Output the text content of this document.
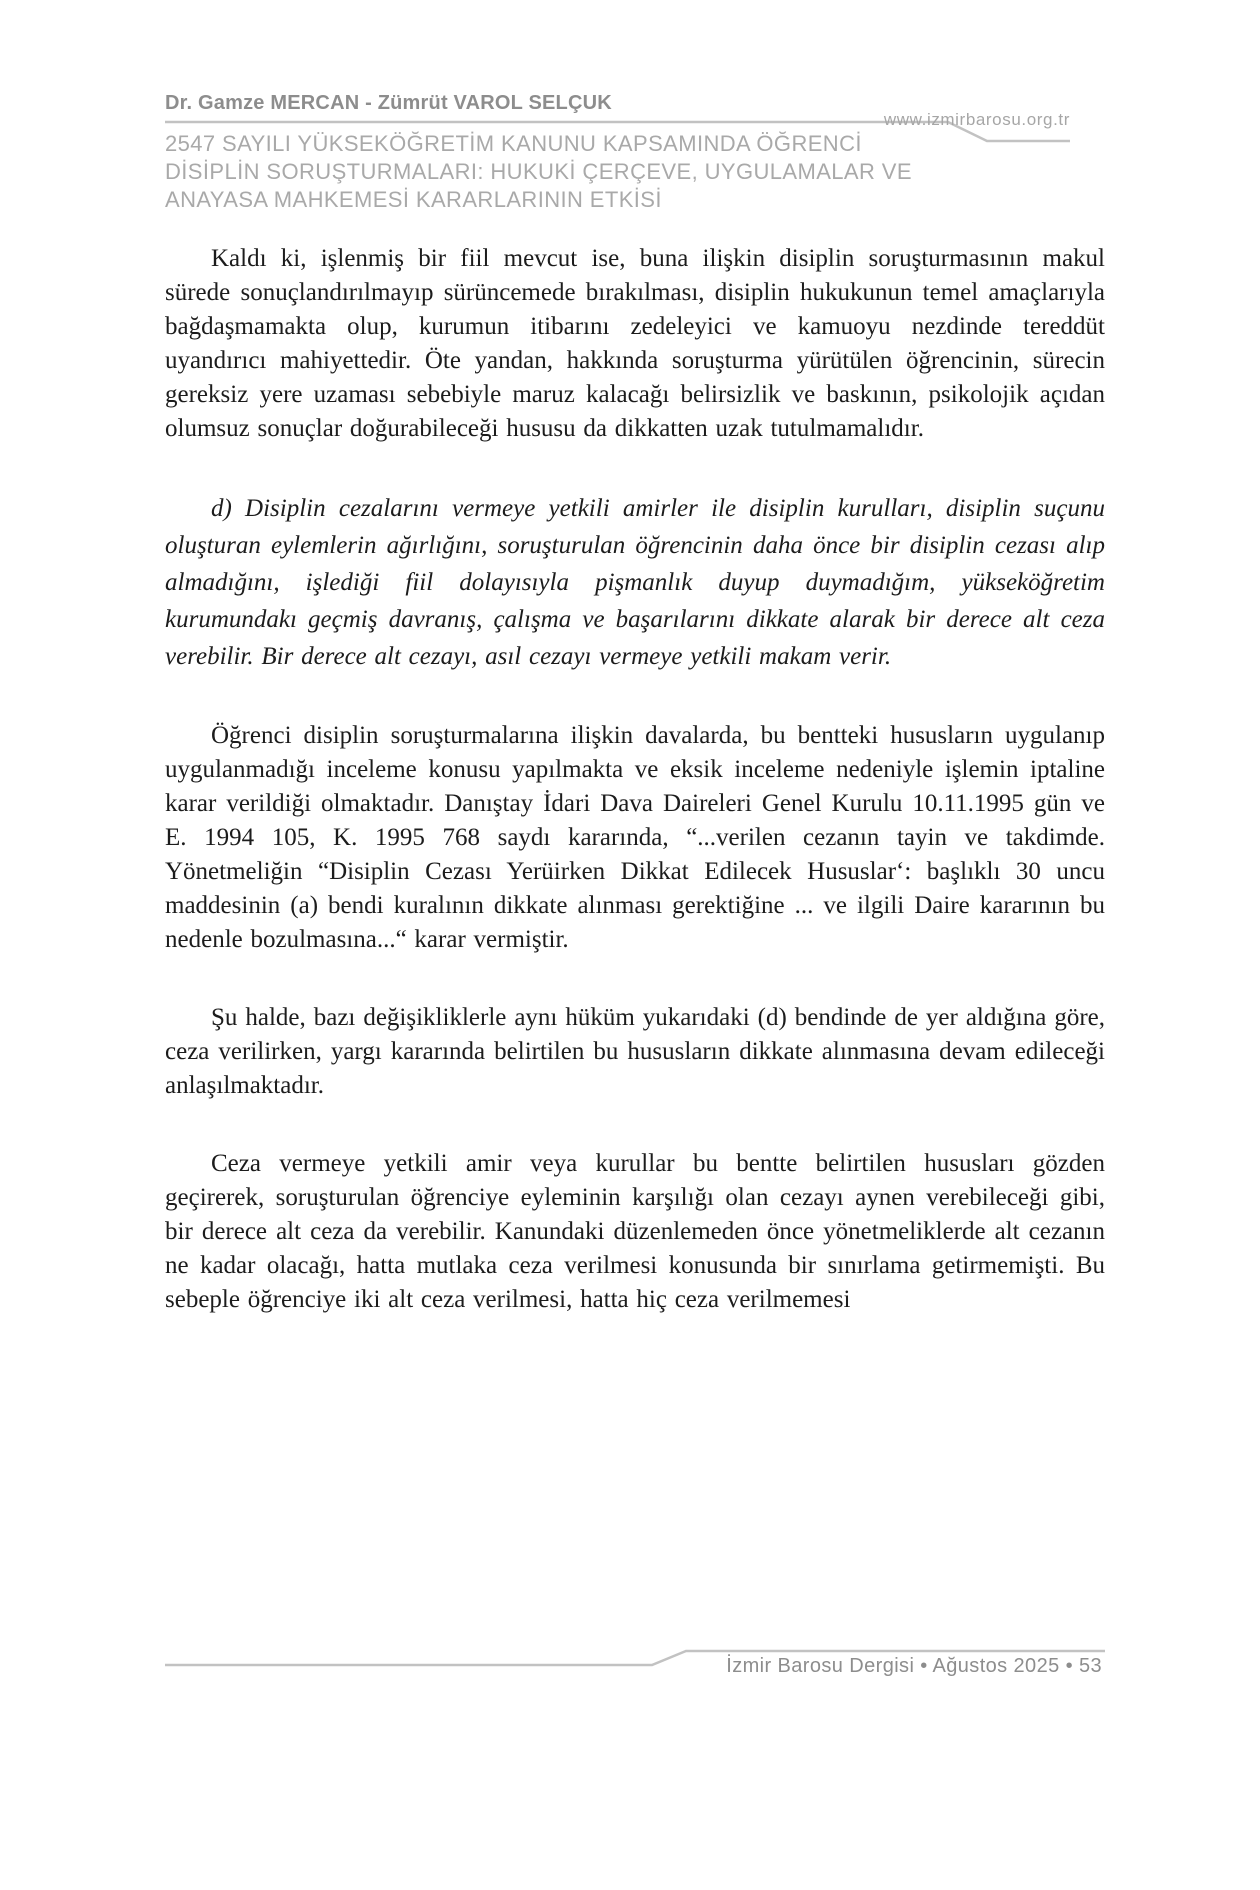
Dr. Gamze MERCAN - Zümrüt VAROL SELÇUK
www.izmirbarosu.org.tr
2547 SAYILI YÜKSEKÖĞRETİM KANUNU KAPSAMINDA ÖĞRENCİ
DİSİPLİN SORUŞTURMALARI: HUKUKİ ÇERÇEVE, UYGULAMALAR VE
ANAYASA MAHKEMESİ KARARLARININ ETKİSİ

Kaldı ki, işlenmiş bir fiil mevcut ise, buna ilişkin disiplin soruşturmasının makul sürede sonuçlandırılmayıp sürüncemede bırakılması, disiplin hukukunun temel amaçlarıyla bağdaşmamakta olup, kurumun itibarını zedeleyici ve kamuoyu nezdinde tereddüt uyandırıcı mahiyettedir. Öte yandan, hakkında soruşturma yürütülen öğrencinin, sürecin gereksiz yere uzaması sebebiyle maruz kalacağı belirsizlik ve baskının, psikolojik açıdan olumsuz sonuçlar doğurabileceği hususu da dikkatten uzak tutulmamalıdır.

d) Disiplin cezalarını vermeye yetkili amirler ile disiplin kurulları, disiplin suçunu oluşturan eylemlerin ağırlığını, soruşturulan öğrencinin daha önce bir disiplin cezası alıp almadığını, işlediği fiil dolayısıyla pişmanlık duyup duymadığım, yükseköğretim kurumundakı geçmiş davranış, çalışma ve başarılarını dikkate alarak bir derece alt ceza verebilir. Bir derece alt cezayı, asıl cezayı vermeye yetkili makam verir.

Öğrenci disiplin soruşturmalarına ilişkin davalarda, bu bentteki hususların uygulanıp uygulanmadığı inceleme konusu yapılmakta ve eksik inceleme nedeniyle işlemin iptaline karar verildiği olmaktadır. Danıştay İdari Dava Daireleri Genel Kurulu 10.11.1995 gün ve E. 1994 105, K. 1995 768 saydı kararında, “...verilen cezanın tayin ve takdimde. Yönetmeliğin “Disiplin Cezası Yerüirken Dikkat Edilecek Hususlar‘: başlıklı 30 uncu maddesinin (a) bendi kuralının dikkate alınması gerektiğine ... ve ilgili Daire kararının bu nedenle bozulmasına...“ karar vermiştir.

Şu halde, bazı değişikliklerle aynı hüküm yukarıdaki (d) bendinde de yer aldığına göre, ceza verilirken, yargı kararında belirtilen bu hususların dikkate alınmasına devam edileceği anlaşılmaktadır.

Ceza vermeye yetkili amir veya kurullar bu bentte belirtilen hususları gözden geçirerek, soruşturulan öğrenciye eyleminin karşılığı olan cezayı aynen verebileceği gibi, bir derece alt ceza da verebilir. Kanundaki düzenlemeden önce yönetmeliklerde alt cezanın ne kadar olacağı, hatta mutlaka ceza verilmesi konusunda bir sınırlama getirmemişti. Bu sebeple öğrenciye iki alt ceza verilmesi, hatta hiç ceza verilmemesi

İzmir Barosu Dergisi • Ağustos 2025 • 53
